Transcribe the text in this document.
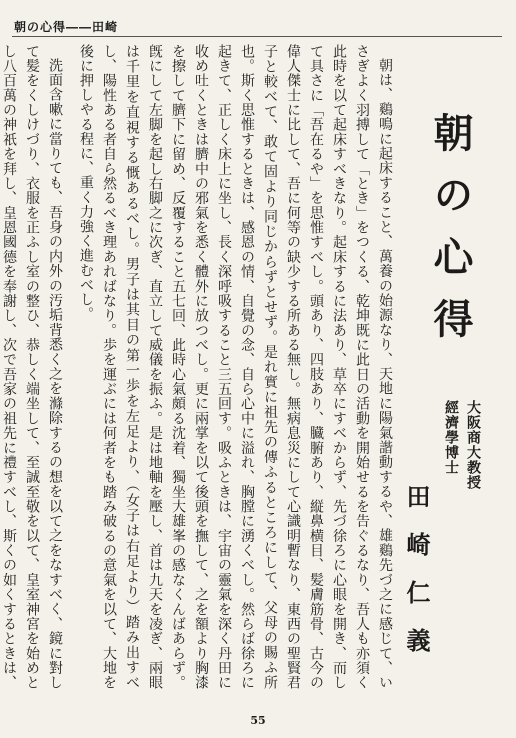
朝の心得――田崎
朝の心得
大阪商大教授
經濟學博士
田崎仁義

朝は、鷄鳴に起床すること、萬養の始源なり、天地に陽氣諧動するや、雄鷄先づ之に感じて、いさぎよく羽搏して「とき」をつくる、乾坤既に此日の活動を開始せるを告ぐるなり、吾人も亦須く此時を以て起床すべきなり。起床するに法あり、草卒にすべからず、先づ徐ろに心眼を開き、而して具さに「吾在るや」を思惟すべし。頭あり、四肢あり、臓腑あり、縦鼻横目、髪膚筋骨、古今の偉人傑士に比して、吾に何等の缺少する所ある無し。無病息災にして心識明暫なり、東西の聖賢君子と較べて、敢て固より同じからずとせず。是れ實に祖先の傳ふるところにして、父母の賜ふ所也。斯く思惟するときは、感恩の情、自覺の念、自ら心中に溢れ、胸膛に湧くべし。然らば徐ろに起きて、正しく床上に坐し、長く深呼吸すること三五回す。吸ふときは、宇宙の靈氣を深く丹田に收め吐くときは臍中の邪氣を悉く體外に放つべし。更に兩掌を以て後頭を撫して、之を額より胸漆を擦して臍下に留め、反覆すること五七回、此時心氣頗る沈着、獨坐大雄峯の感なくんばあらず。旣にして左脚を起し右脚之に次ぎ、直立して威儀を振ふ。是は地軸を壓し、首は九天を凌ぎ、兩眼は千里を直視する慨あるべし。男子は其目の第一歩を左足より、（女子は右足より）踏み出すべし、陽性ある者自ら然るべき理あればなり。歩を運ぶには何者をも踏み破るの意氣を以て、大地を後に押しやる程に、重く力強く進むべし。

洗面含嗽に當りても、吾身の内外の汚垢背悉く之を滌除するの想を以て之をなすべく、鏡に對して髪をくしけづり、衣服を正ふし室の整ひ、恭しく端坐して、至誠至敬を以て、皇室神宮を始めとし八百萬の神祇を拜し、皇恩國德を奉謝し、次で吾家の祖先に禮すべし、斯くの如くするときは、

55
